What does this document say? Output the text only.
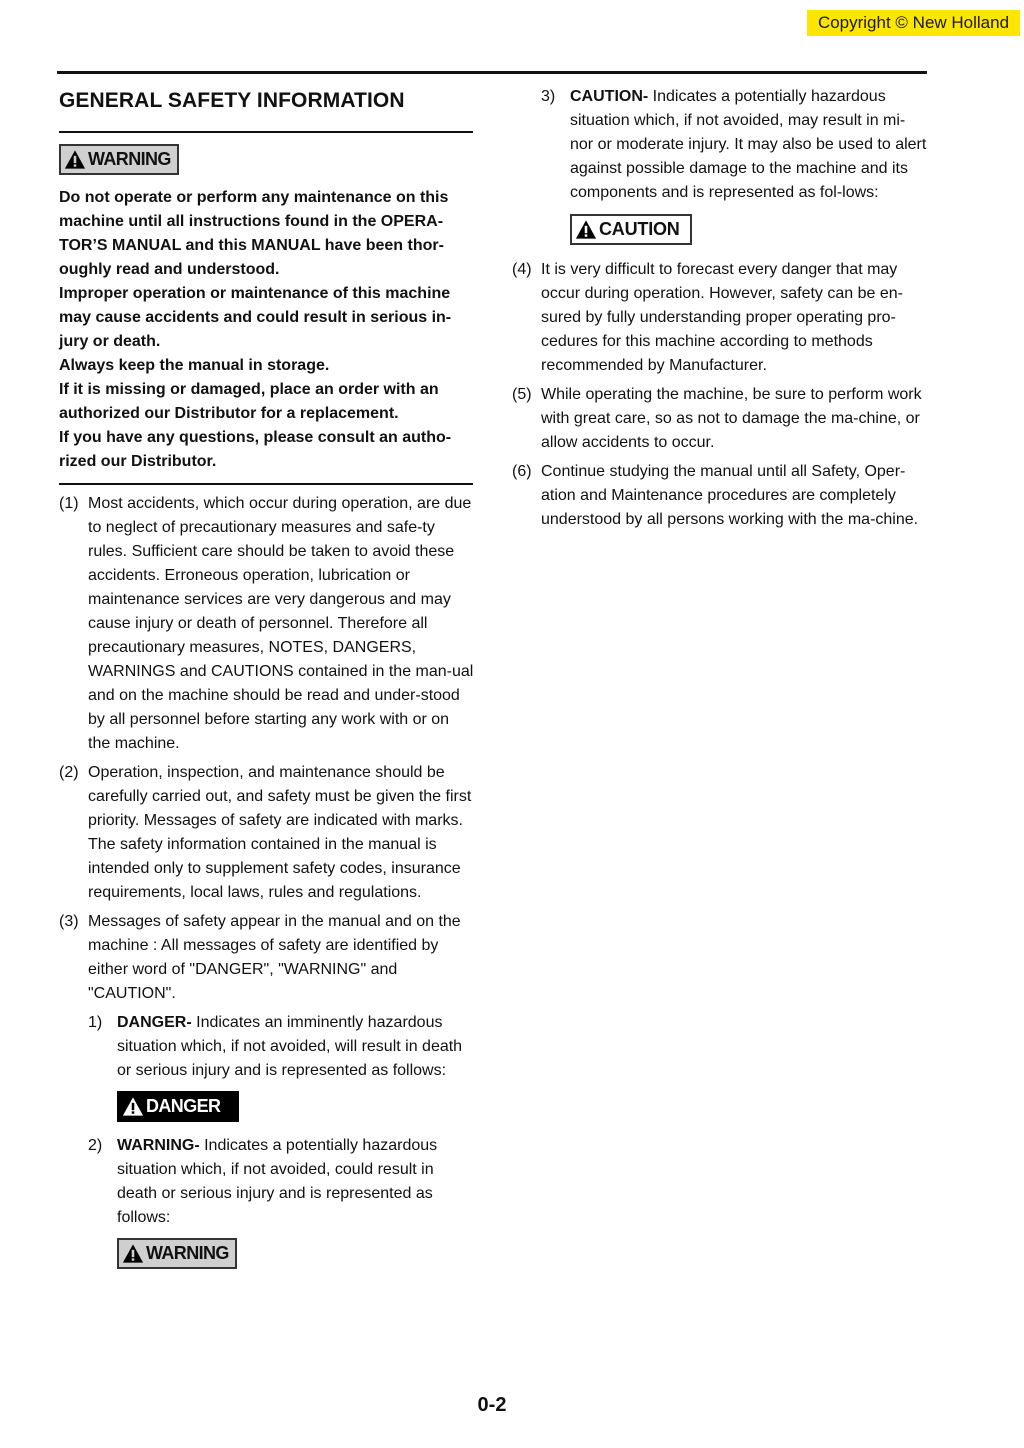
Copyright © New Holland
GENERAL SAFETY INFORMATION
WARNING

Do not operate or perform any maintenance on this machine until all instructions found in the OPERA-TOR’S MANUAL and this MANUAL have been thor-oughly read and understood.

Improper operation or maintenance of this machine may cause accidents and could result in serious in-jury or death.

Always keep the manual in storage.

If it is missing or damaged, place an order with an authorized our Distributor for a replacement.

If you have any questions, please consult an autho-rized our Distributor.

(1) Most accidents, which occur during operation, are due to neglect of precautionary measures and safe-ty rules. Sufficient care should be taken to avoid these accidents. Erroneous operation, lubrication or maintenance services are very dangerous and may cause injury or death of personnel. Therefore all precautionary measures, NOTES, DANGERS, WARNINGS and CAUTIONS contained in the man-ual and on the machine should be read and under-stood by all personnel before starting any work with or on the machine.
(2) Operation, inspection, and maintenance should be carefully carried out, and safety must be given the first priority. Messages of safety are indicated with marks. The safety information contained in the manual is intended only to supplement safety codes, insurance requirements, local laws, rules and regulations.
(3) Messages of safety appear in the manual and on the machine : All messages of safety are identified by either word of "DANGER", "WARNING" and "CAUTION".
1) DANGER- Indicates an imminently hazardous situation which, if not avoided, will result in death or serious injury and is represented as follows:
DANGER
2) WARNING- Indicates a potentially hazardous situation which, if not avoided, could result in death or serious injury and is represented as follows:
WARNING
3) CAUTION- Indicates a potentially hazardous situation which, if not avoided, may result in mi-nor or moderate injury. It may also be used to alert against possible damage to the machine and its components and is represented as fol-lows:
CAUTION
(4) It is very difficult to forecast every danger that may occur during operation. However, safety can be en-sured by fully understanding proper operating pro-cedures for this machine according to methods recommended by Manufacturer.
(5) While operating the machine, be sure to perform work with great care, so as not to damage the ma-chine, or allow accidents to occur.
(6) Continue studying the manual until all Safety, Oper-ation and Maintenance procedures are completely understood by all persons working with the ma-chine.
0-2
